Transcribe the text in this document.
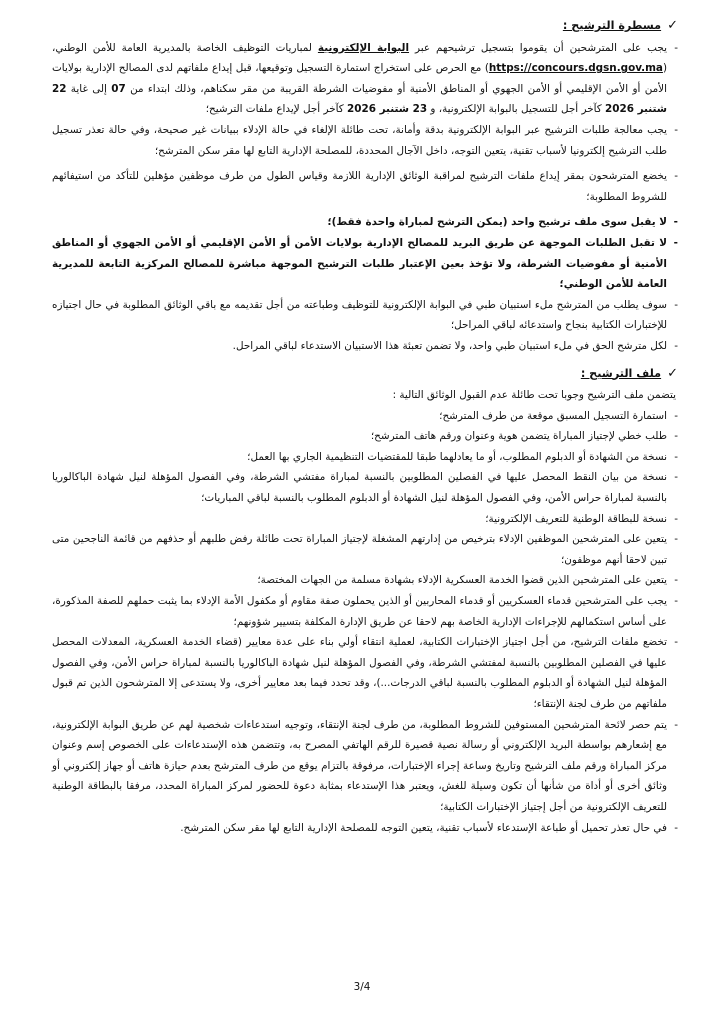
✓
مسطرة الترشيح :
-
يجب على المترشحين أن يقوموا بتسجيل ترشيحهم عبر البوابة الإلكترونية لمباريات التوظيف الخاصة بالمديرية العامة للأمن الوطني، (https://concours.dgsn.gov.ma) مع الحرص على استخراج استمارة التسجيل وتوقيعها، قبل إيداع ملفاتهم لدى المصالح الإدارية بولايات الأمن أو الأمن الإقليمي أو الأمن الجهوي أو المناطق الأمنية أو مفوضيات الشرطة القريبة من مقر سكناهم، وذلك ابتداء من 07 إلى غاية 22 شتنبر 2026 كآخر أجل للتسجيل بالبوابة الإلكترونية، و 23 شتنبر 2026 كآخر أجل لإيداع ملفات الترشيح؛
-
يجب معالجة طلبات الترشيح عبر البوابة الإلكترونية بدقة وأمانة، تحت طائلة الإلغاء في حالة الإدلاء ببيانات غير صحيحة، وفي حالة تعذر تسجيل طلب الترشيح إلكترونيا لأسباب تقنية، يتعين التوجه، داخل الآجال المحددة، للمصلحة الإدارية التابع لها مقر سكن المترشح؛
-
يخضع المترشحون بمقر إيداع ملفات الترشيح لمراقبة الوثائق الإدارية اللازمة وقياس الطول من طرف موظفين مؤهلين للتأكد من استيفائهم للشروط المطلوبة؛
-
لا يقبل سوى ملف ترشيح واحد (يمكن الترشح لمباراة واحدة فقط)؛
-
لا تقبل الطلبات الموجهة عن طريق البريد للمصالح الإدارية بولايات الأمن أو الأمن الإقليمي أو الأمن الجهوي أو المناطق الأمنية أو مفوضيات الشرطة، ولا تؤخذ بعين الإعتبار طلبات الترشيح الموجهة مباشرة للمصالح المركزية التابعة للمديرية العامة للأمن الوطني؛
-
سوف يطلب من المترشح ملء استبيان طبي في البوابة الإلكترونية للتوظيف وطباعته من أجل تقديمه مع باقي الوثائق المطلوبة في حال اجتيازه للإختبارات الكتابية بنجاح واستدعائه لباقي المراحل؛
-
لكل مترشح الحق في ملء استبيان طبي واحد، ولا تضمن تعبئة هذا الاستبيان الاستدعاء لباقي المراحل.
✓
ملف الترشيح :
يتضمن ملف الترشيح وجوبا تحت طائلة عدم القبول الوثائق التالية :
-
استمارة التسجيل المسبق موقعة من طرف المترشح؛
-
طلب خطي لإجتياز المباراة يتضمن هوية وعنوان ورقم هاتف المترشح؛
-
نسخة من الشهادة أو الدبلوم المطلوب، أو ما يعادلهما طبقا للمقتضيات التنظيمية الجاري بها العمل؛
-
نسخة من بيان النقط المحصل عليها في الفصلين المطلوبين بالنسبة لمباراة مفتشي الشرطة، وفي الفصول المؤهلة لنيل شهادة الباكالوريا بالنسبة لمباراة حراس الأمن، وفي الفصول المؤهلة لنيل الشهادة أو الدبلوم المطلوب بالنسبة لباقي المباريات؛
-
نسخة للبطاقة الوطنية للتعريف الإلكترونية؛
-
يتعين على المترشحين الموظفين الإدلاء بترخيص من إدارتهم المشغلة لإجتياز المباراة تحت طائلة رفض طلبهم أو حذفهم من قائمة الناجحين متى تبين لاحقا أنهم موظفون؛
-
يتعين على المترشحين الذين قضوا الخدمة العسكرية الإدلاء بشهادة مسلمة من الجهات المختصة؛
-
يجب على المترشحين قدماء العسكريين أو قدماء المحاربين أو الذين يحملون صفة مقاوم أو مكفول الأمة الإدلاء بما يثبت حملهم للصفة المذكورة، على أساس استكمالهم للإجراءات الإدارية الخاصة بهم لاحقا عن طريق الإدارة المكلفة بتسيير شؤونهم؛
-
تخضع ملفات الترشيح، من أجل اجتياز الإختبارات الكتابية، لعملية انتقاء أولي بناء على عدة معايير (قضاء الخدمة العسكرية، المعدلات المحصل عليها في الفصلين المطلوبين بالنسبة لمفتشي الشرطة، وفي الفصول المؤهلة لنيل شهادة الباكالوريا بالنسبة لمباراة حراس الأمن، وفي الفصول المؤهلة لنيل الشهادة أو الدبلوم المطلوب بالنسبة لباقي الدرجات...)، وقد تحدد فيما بعد معايير أخرى، ولا يستدعى إلا المترشحون الذين تم قبول ملفاتهم من طرف لجنة الإنتقاء؛
-
يتم حصر لائحة المترشحين المستوفين للشروط المطلوبة، من طرف لجنة الإنتقاء، وتوجيه استدعاءات شخصية لهم عن طريق البوابة الإلكترونية، مع إشعارهم بواسطة البريد الإلكتروني أو رسالة نصية قصيرة للرقم الهاتفي المصرح به، وتتضمن هذه الإستدعاءات على الخصوص إسم وعنوان مركز المباراة ورقم ملف الترشيح وتاريخ وساعة إجراء الإختبارات، مرفوقة بالتزام يوقع من طرف المترشح بعدم حيازة هاتف أو جهاز إلكتروني أو وثائق أخرى أو أداة من شأنها أن تكون وسيلة للغش، ويعتبر هذا الإستدعاء بمثابة دعوة للحضور لمركز المباراة المحدد، مرفقا بالبطاقة الوطنية للتعريف الإلكترونية من أجل إجتياز الإختبارات الكتابية؛
-
في حال تعذر تحميل أو طباعة الإستدعاء لأسباب تقنية، يتعين التوجه للمصلحة الإدارية التابع لها مقر سكن المترشح.
3/4
